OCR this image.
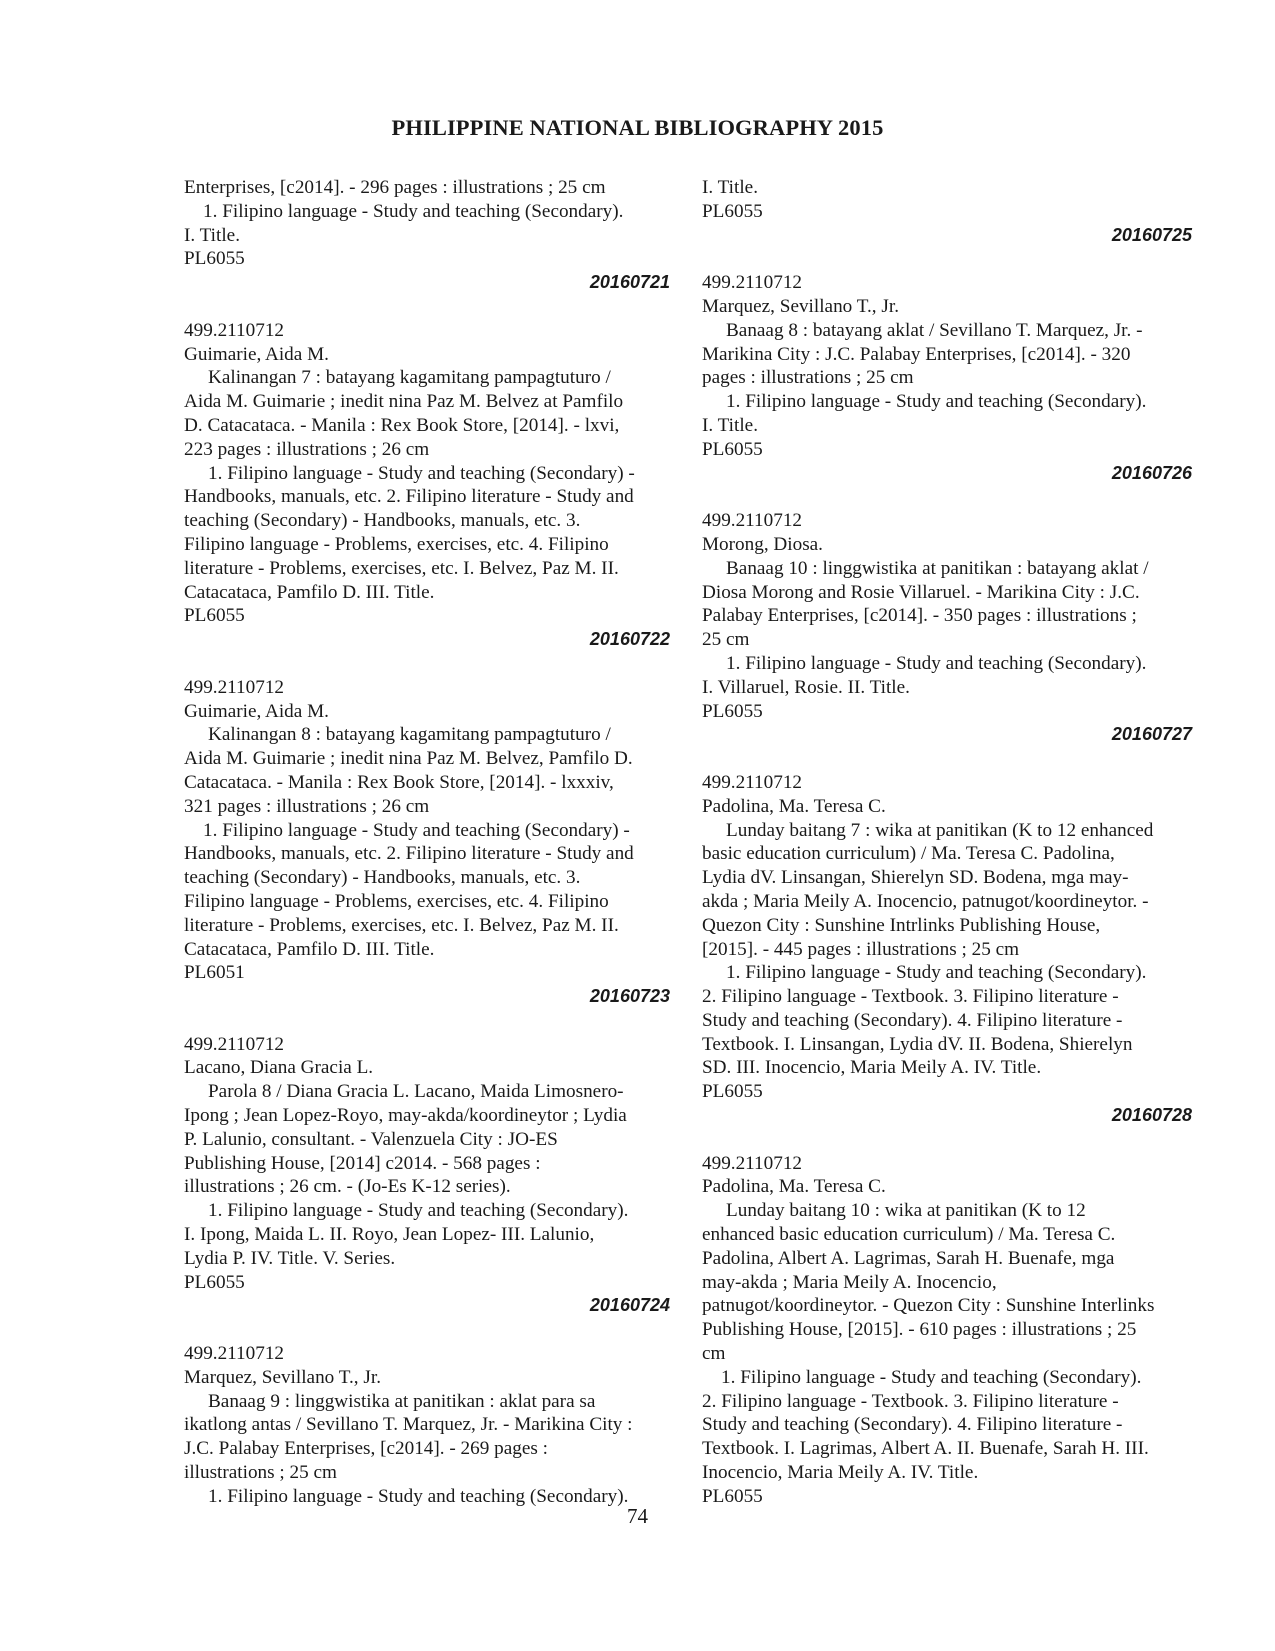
PHILIPPINE NATIONAL BIBLIOGRAPHY 2015
Enterprises, [c2014]. - 296 pages : illustrations ; 25 cm
1. Filipino language - Study and teaching (Secondary).
I. Title.
PL6055
20160721
499.2110712
Guimarie, Aida M.
Kalinangan 7 : batayang kagamitang pampagtuturo /
Aida M. Guimarie ; inedit nina Paz M. Belvez at Pamfilo
D. Catacataca. - Manila : Rex Book Store, [2014]. - lxvi,
223 pages : illustrations ; 26 cm
1. Filipino language - Study and teaching (Secondary) -
Handbooks, manuals, etc. 2. Filipino literature - Study and
teaching (Secondary) - Handbooks, manuals, etc. 3.
Filipino language - Problems, exercises, etc. 4. Filipino
literature - Problems, exercises, etc. I. Belvez, Paz M. II.
Catacataca, Pamfilo D. III. Title.
PL6055
20160722
499.2110712
Guimarie, Aida M.
Kalinangan 8 : batayang kagamitang pampagtuturo /
Aida M. Guimarie ; inedit nina Paz M. Belvez, Pamfilo D.
Catacataca. - Manila : Rex Book Store, [2014]. - lxxxiv,
321 pages : illustrations ; 26 cm
1. Filipino language - Study and teaching (Secondary) -
Handbooks, manuals, etc. 2. Filipino literature - Study and
teaching (Secondary) - Handbooks, manuals, etc. 3.
Filipino language - Problems, exercises, etc. 4. Filipino
literature - Problems, exercises, etc. I. Belvez, Paz M. II.
Catacataca, Pamfilo D. III. Title.
PL6051
20160723
499.2110712
Lacano, Diana Gracia L.
Parola 8 / Diana Gracia L. Lacano, Maida Limosnero-
Ipong ; Jean Lopez-Royo, may-akda/koordineytor ; Lydia
P. Lalunio, consultant. - Valenzuela City : JO-ES
Publishing House, [2014] c2014. - 568 pages :
illustrations ; 26 cm. - (Jo-Es K-12 series).
1. Filipino language - Study and teaching (Secondary).
I. Ipong, Maida L. II. Royo, Jean Lopez- III. Lalunio,
Lydia P. IV. Title. V. Series.
PL6055
20160724
499.2110712
Marquez, Sevillano T., Jr.
Banaag 9 : linggwistika at panitikan : aklat para sa
ikatlong antas / Sevillano T. Marquez, Jr. - Marikina City :
J.C. Palabay Enterprises, [c2014]. - 269 pages :
illustrations ; 25 cm
1. Filipino language - Study and teaching (Secondary).
I. Title.
PL6055
20160725
499.2110712
Marquez, Sevillano T., Jr.
Banaag 8 : batayang aklat / Sevillano T. Marquez, Jr. -
Marikina City : J.C. Palabay Enterprises, [c2014]. - 320
pages : illustrations ; 25 cm
1. Filipino language - Study and teaching (Secondary).
I. Title.
PL6055
20160726
499.2110712
Morong, Diosa.
Banaag 10 : linggwistika at panitikan : batayang aklat /
Diosa Morong and Rosie Villaruel. - Marikina City : J.C.
Palabay Enterprises, [c2014]. - 350 pages : illustrations ;
25 cm
1. Filipino language - Study and teaching (Secondary).
I. Villaruel, Rosie. II. Title.
PL6055
20160727
499.2110712
Padolina, Ma. Teresa C.
Lunday baitang 7 : wika at panitikan (K to 12 enhanced
basic education curriculum) / Ma. Teresa C. Padolina,
Lydia dV. Linsangan, Shierelyn SD. Bodena, mga may-
akda ; Maria Meily A. Inocencio, patnugot/koordineytor. -
Quezon City : Sunshine Intrlinks Publishing House,
[2015]. - 445 pages : illustrations ; 25 cm
1. Filipino language - Study and teaching (Secondary).
2. Filipino language - Textbook. 3. Filipino literature -
Study and teaching (Secondary). 4. Filipino literature -
Textbook. I. Linsangan, Lydia dV. II. Bodena, Shierelyn
SD. III. Inocencio, Maria Meily A. IV. Title.
PL6055
20160728
499.2110712
Padolina, Ma. Teresa C.
Lunday baitang 10 : wika at panitikan (K to 12
enhanced basic education curriculum) / Ma. Teresa C.
Padolina, Albert A. Lagrimas, Sarah H. Buenafe, mga
may-akda ; Maria Meily A. Inocencio,
patnugot/koordineytor. - Quezon City : Sunshine Interlinks
Publishing House, [2015]. - 610 pages : illustrations ; 25
cm
1. Filipino language - Study and teaching (Secondary).
2. Filipino language - Textbook. 3. Filipino literature -
Study and teaching (Secondary). 4. Filipino literature -
Textbook. I. Lagrimas, Albert A. II. Buenafe, Sarah H. III.
Inocencio, Maria Meily A. IV. Title.
PL6055
74
